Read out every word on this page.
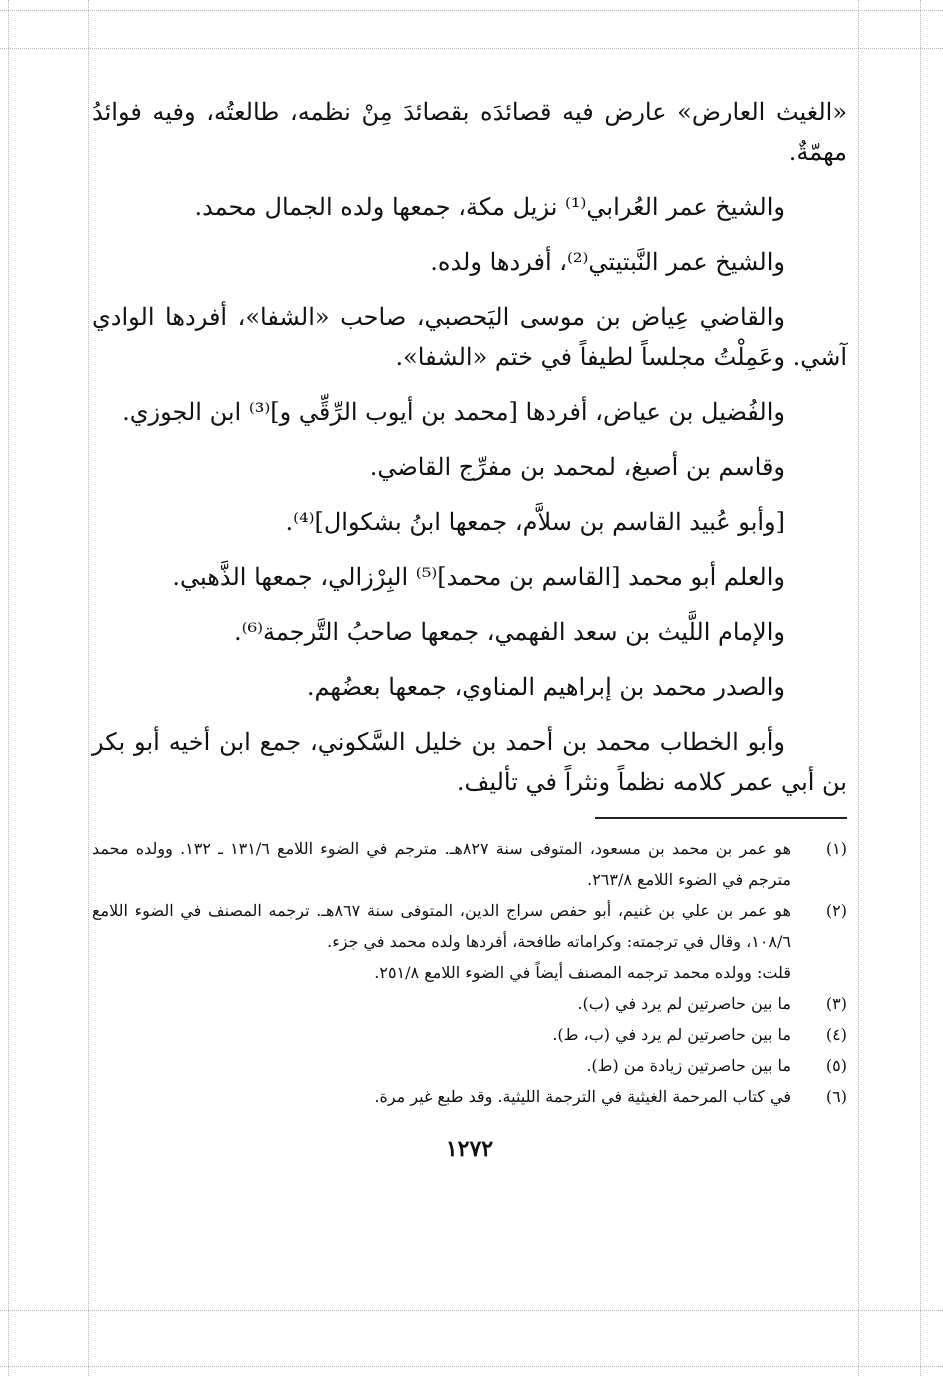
«الغيث العارض» عارض فيه قصائدَه بقصائدَ مِنْ نظمه، طالعتُه، وفيه فوائدُ مهمّةٌ.

والشيخ عمر العُرابي⁽¹⁾ نزيل مكة، جمعها ولده الجمال محمد.

والشيخ عمر النَّبتيتي⁽²⁾، أفردها ولده.

والقاضي عِياض بن موسى اليَحصبي، صاحب «الشفا»، أفردها الوادي آشي. وعَمِلْتُ مجلساً لطيفاً في ختم «الشفا».

والفُضيل بن عياض، أفردها [محمد بن أيوب الرِّقِّي و]⁽³⁾ ابن الجوزي.

وقاسم بن أصبغ، لمحمد بن مفرِّج القاضي.

[وأبو عُبيد القاسم بن سلاَّم، جمعها ابنُ بشكوال]⁽⁴⁾.

والعلم أبو محمد [القاسم بن محمد]⁽⁵⁾ البِرْزالي، جمعها الذَّهبي.

والإمام اللَّيث بن سعد الفهمي، جمعها صاحبُ التَّرجمة⁽⁶⁾.

والصدر محمد بن إبراهيم المناوي، جمعها بعضُهم.

وأبو الخطاب محمد بن أحمد بن خليل السَّكوني، جمع ابن أخيه أبو بكر بن أبي عمر كلامه نظماً ونثراً في تأليف.

(١)
هو عمر بن محمد بن مسعود، المتوفى سنة ٨٢٧هـ. مترجم في الضوء اللامع ١٣١/٦ ـ ١٣٢. وولده محمد مترجم في الضوء اللامع ٢٦٣/٨.
(٢)
هو عمر بن علي بن غنيم، أبو حفص سراج الدين، المتوفى سنة ٨٦٧هـ. ترجمه المصنف في الضوء اللامع ١٠٨/٦، وقال في ترجمته: وكراماته طافحة، أفردها ولده محمد في جزء.
قلت: وولده محمد ترجمه المصنف أيضاً في الضوء اللامع ٢٥١/٨.
(٣)
ما بين حاصرتين لم يرد في (ب).
(٤)
ما بين حاصرتين لم يرد في (ب، ط).
(٥)
ما بين حاصرتين زيادة من (ط).
(٦)
في كتاب المرحمة الغيثية في الترجمة الليثية. وقد طبع غير مرة.
١٢٧٢
